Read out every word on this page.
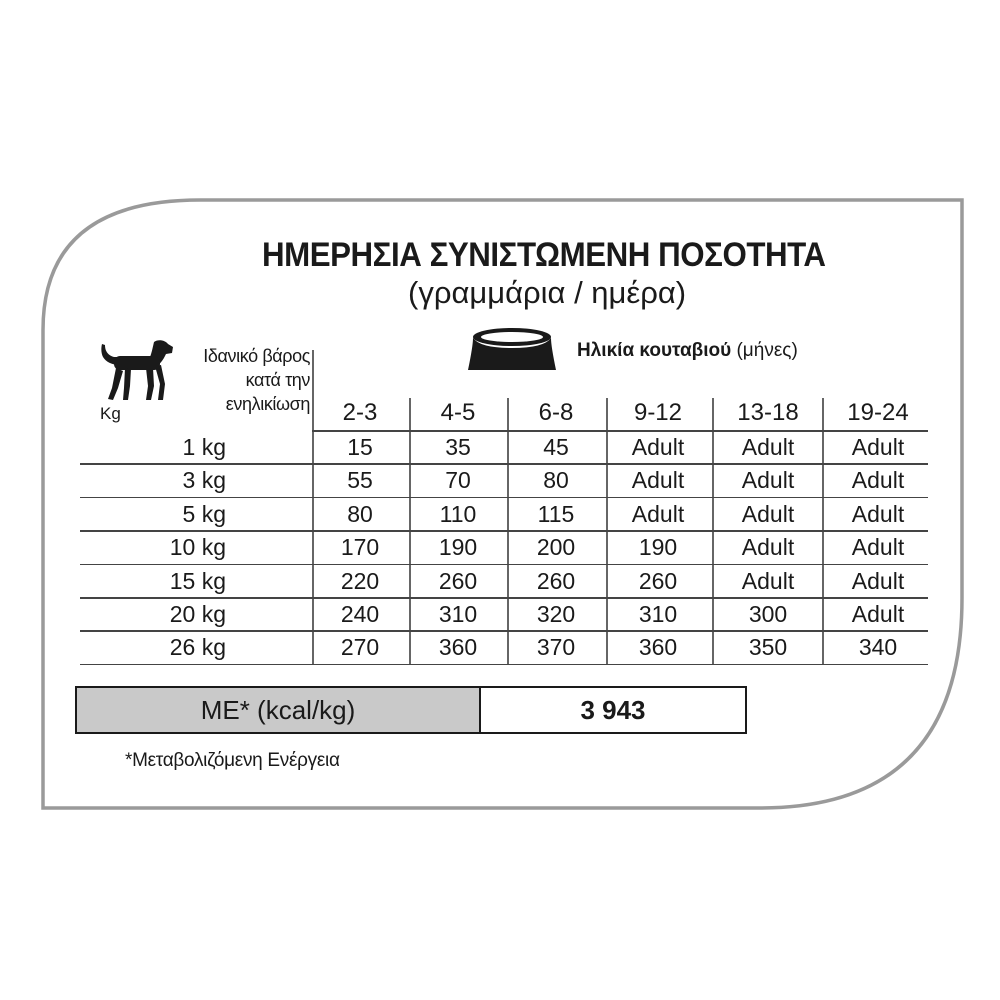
ΗΜΕΡΗΣΙΑ ΣΥΝΙΣΤΩΜΕΝΗ ΠΟΣΟΤΗΤΑ
(γραμμάρια / ημέρα)
Kg
Ιδανικό βάρος
κατά την
ενηλικίωση
Ηλικία κουταβιού (μήνες)
2-3	4-5	6-8	9-12	13-18	19-24
1 kg	15	35	45	Adult	Adult	Adult
3 kg	55	70	80	Adult	Adult	Adult
5 kg	80	110	115	Adult	Adult	Adult
10 kg	170	190	200	190	Adult	Adult
15 kg	220	260	260	260	Adult	Adult
20 kg	240	310	320	310	300	Adult
26 kg	270	360	370	360	350	340
ME* (kcal/kg)	3 943
*Μεταβολιζόμενη Ενέργεια
